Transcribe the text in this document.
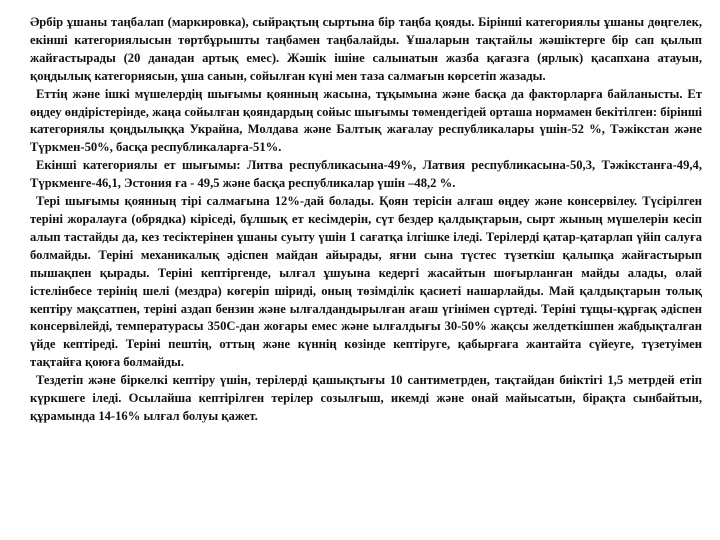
Әрбір ұшаны таңбалап (маркировка), сыйрақтың сыртына бір таңба қояды. Бірінші категориялы ұшаны дөңгелек, екінші категориялысын төртбұрышты таңбамен таңбалайды. Ұшаларын тақтайлы жәшіктерге бір сап қылып жайғастырады (20 данадан артық емес). Жәшік ішіне салынатын жазба қағазға (ярлык) қасапхана атауын, қоңдылық категориясын, ұша санын, сойылған күні мен таза салмағын көрсетіп жазады.

Еттің және ішкі мүшелердің шығымы қоянның жасына, тұқымына және басқа да факторларға байланысты. Ет өңдеу өндірістерінде, жаңа сойылған қояндардың сойыс шығымы төмендегідей орташа нормамен бекітілген: бірінші категориялы қоңдылыққа Украйна, Молдава және Балтық жағалау республикалары үшін-52 %, Тәжікстан және Түркмен-50%, басқа республикаларға-51%.

Екінші категориялы ет шығымы: Литва республикасына-49%, Латвия республикасына-50,3, Тәжікстанға-49,4, Түркменге-46,1, Эстония ға - 49,5 және басқа республикалар үшін –48,2 %.

Тері шығымы қоянның тірі салмағына 12%-дай болады. Қоян терісін алғаш өңдеу және консервілеу. Түсірілген теріні жоралауға (обрядка) кіріседі, бұлшық ет кесімдерін, сүт бездер қалдықтарын, сырт жының мүшелерін кесіп алып тастайды да, кез тесіктерінен ұшаны суыту үшін 1 сағатқа ілгішке іледі. Терілерді қатар-қатарлап үйіп салуға болмайды. Теріні механикалық әдіспен майдан айырады, яғни сына түстес түзеткіш қалыпқа жайғастырып пышақпен қырады. Теріні кептіргенде, ылғал ұшуына кедергі жасайтын шоғырланған майды алады, олай істелінбесе терінің шелі (мездра) көгеріп шіриді, оның төзімділік қасиеті нашарлайды. Май қалдықтарын толық кептіру мақсатпен, теріні аздап бензин және ылғалдандырылған ағаш үгінімен сүртеді. Теріні тұщы-құрғақ әдіспен консервілейді, температурасы 350С-дан жоғары емес және ылғалдығы 30-50% жақсы желдеткішпен жабдықталған үйде кептіреді. Теріні пештің, оттың және күннің көзінде кептіруге, қабырғаға жантайта сүйеуге, түзетуімен тақтайға қоюға болмайды.

Тездетіп және біркелкі кептіру үшін, терілерді қашықтығы 10 сантиметрден, тақтайдан биіктігі 1,5 метрдей етіп күркшеге іледі. Осылайша кептірілген терілер созылғыш, икемді және онай майысатын, бірақта сынбайтын, құрамында 14-16% ылғал болуы қажет.
